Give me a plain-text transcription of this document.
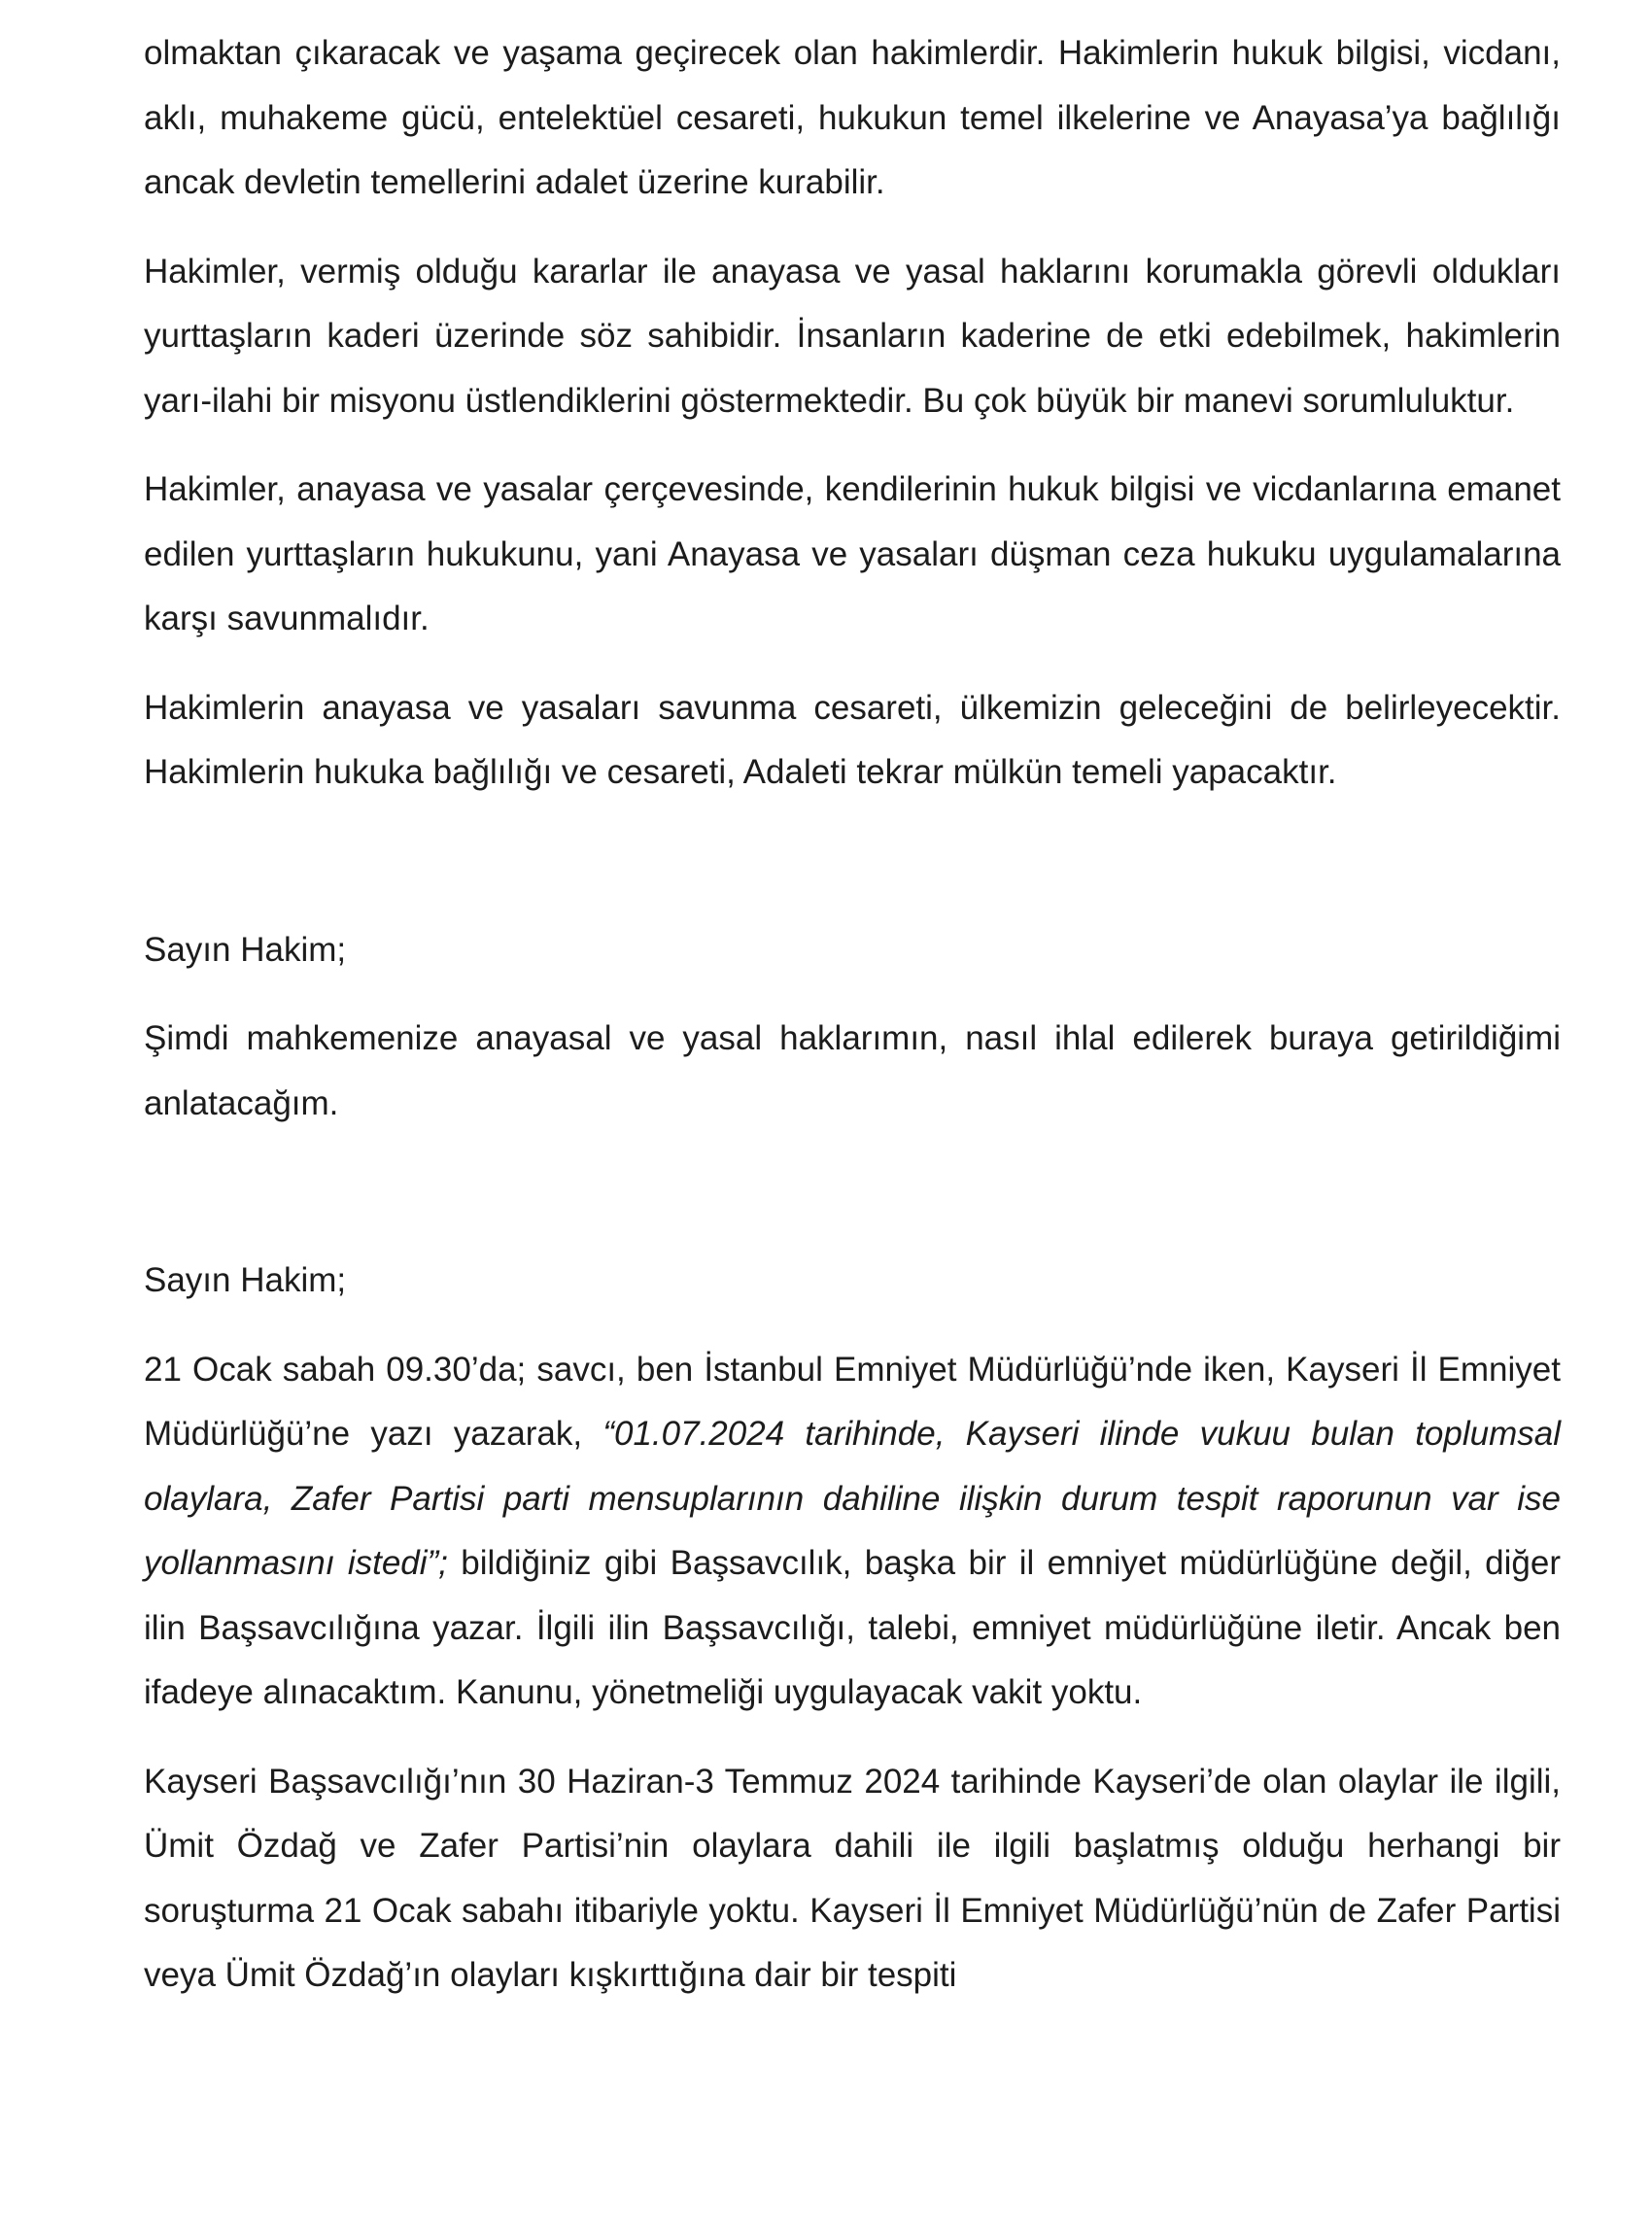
olmaktan çıkaracak ve yaşama geçirecek olan hakimlerdir. Hakimlerin hukuk bilgisi, vicdanı, aklı, muhakeme gücü, entelektüel cesareti, hukukun temel ilkelerine ve Anayasa’ya bağlılığı ancak devletin temellerini adalet üzerine kurabilir.

Hakimler, vermiş olduğu kararlar ile anayasa ve yasal haklarını korumakla görevli oldukları yurttaşların kaderi üzerinde söz sahibidir. İnsanların kaderine de etki edebilmek, hakimlerin yarı-ilahi bir misyonu üstlendiklerini göstermektedir. Bu çok büyük bir manevi sorumluluktur.

Hakimler, anayasa ve yasalar çerçevesinde, kendilerinin hukuk bilgisi ve vicdanlarına emanet edilen yurttaşların hukukunu, yani Anayasa ve yasaları düşman ceza hukuku uygulamalarına karşı savunmalıdır.

Hakimlerin anayasa ve yasaları savunma cesareti, ülkemizin geleceğini de belirleyecektir. Hakimlerin hukuka bağlılığı ve cesareti, Adaleti tekrar mülkün temeli yapacaktır.

Sayın Hakim;

Şimdi mahkemenize anayasal ve yasal haklarımın, nasıl ihlal edilerek buraya getirildiğimi anlatacağım.

Sayın Hakim;

21 Ocak sabah 09.30’da; savcı, ben İstanbul Emniyet Müdürlüğü’nde iken, Kayseri İl Emniyet Müdürlüğü’ne yazı yazarak, “01.07.2024 tarihinde, Kayseri ilinde vukuu bulan toplumsal olaylara, Zafer Partisi parti mensuplarının dahiline ilişkin durum tespit raporunun var ise yollanmasını istedi”; bildiğiniz gibi Başsavcılık, başka bir il emniyet müdürlüğüne değil, diğer ilin Başsavcılığına yazar. İlgili ilin Başsavcılığı, talebi, emniyet müdürlüğüne iletir. Ancak ben ifadeye alınacaktım. Kanunu, yönetmeliği uygulayacak vakit yoktu.

Kayseri Başsavcılığı’nın 30 Haziran-3 Temmuz 2024 tarihinde Kayseri’de olan olaylar ile ilgili, Ümit Özdağ ve Zafer Partisi’nin olaylara dahili ile ilgili başlatmış olduğu herhangi bir soruşturma 21 Ocak sabahı itibariyle yoktu. Kayseri İl Emniyet Müdürlüğü’nün de Zafer Partisi veya Ümit Özdağ’ın olayları kışkırttığına dair bir tespiti
